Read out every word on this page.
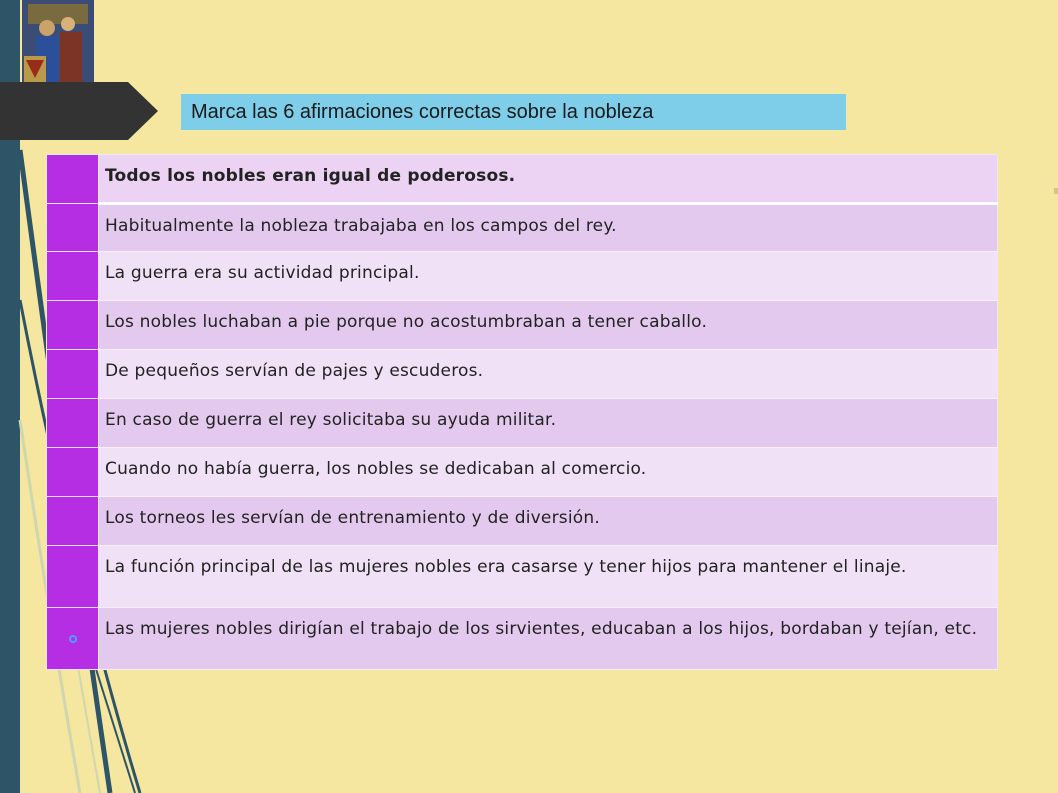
Marca las 6 afirmaciones correctas sobre la nobleza
	Todos los nobles eran igual de poderosos.
	Habitualmente la nobleza trabajaba en los campos del rey.
	La guerra era su actividad principal.
	Los nobles luchaban a pie porque no acostumbraban a tener caballo.
	De pequeños servían de pajes y escuderos.
	En caso de guerra el rey solicitaba su ayuda militar.
	Cuando no había guerra, los nobles se dedicaban al comercio.
	Los torneos les servían de entrenamiento y de diversión.
	La función principal de las mujeres nobles era casarse y tener hijos para mantener el linaje.

	Las mujeres nobles dirigían el trabajo de los sirvientes, educaban a los hijos, bordaban y tejían, etc.
